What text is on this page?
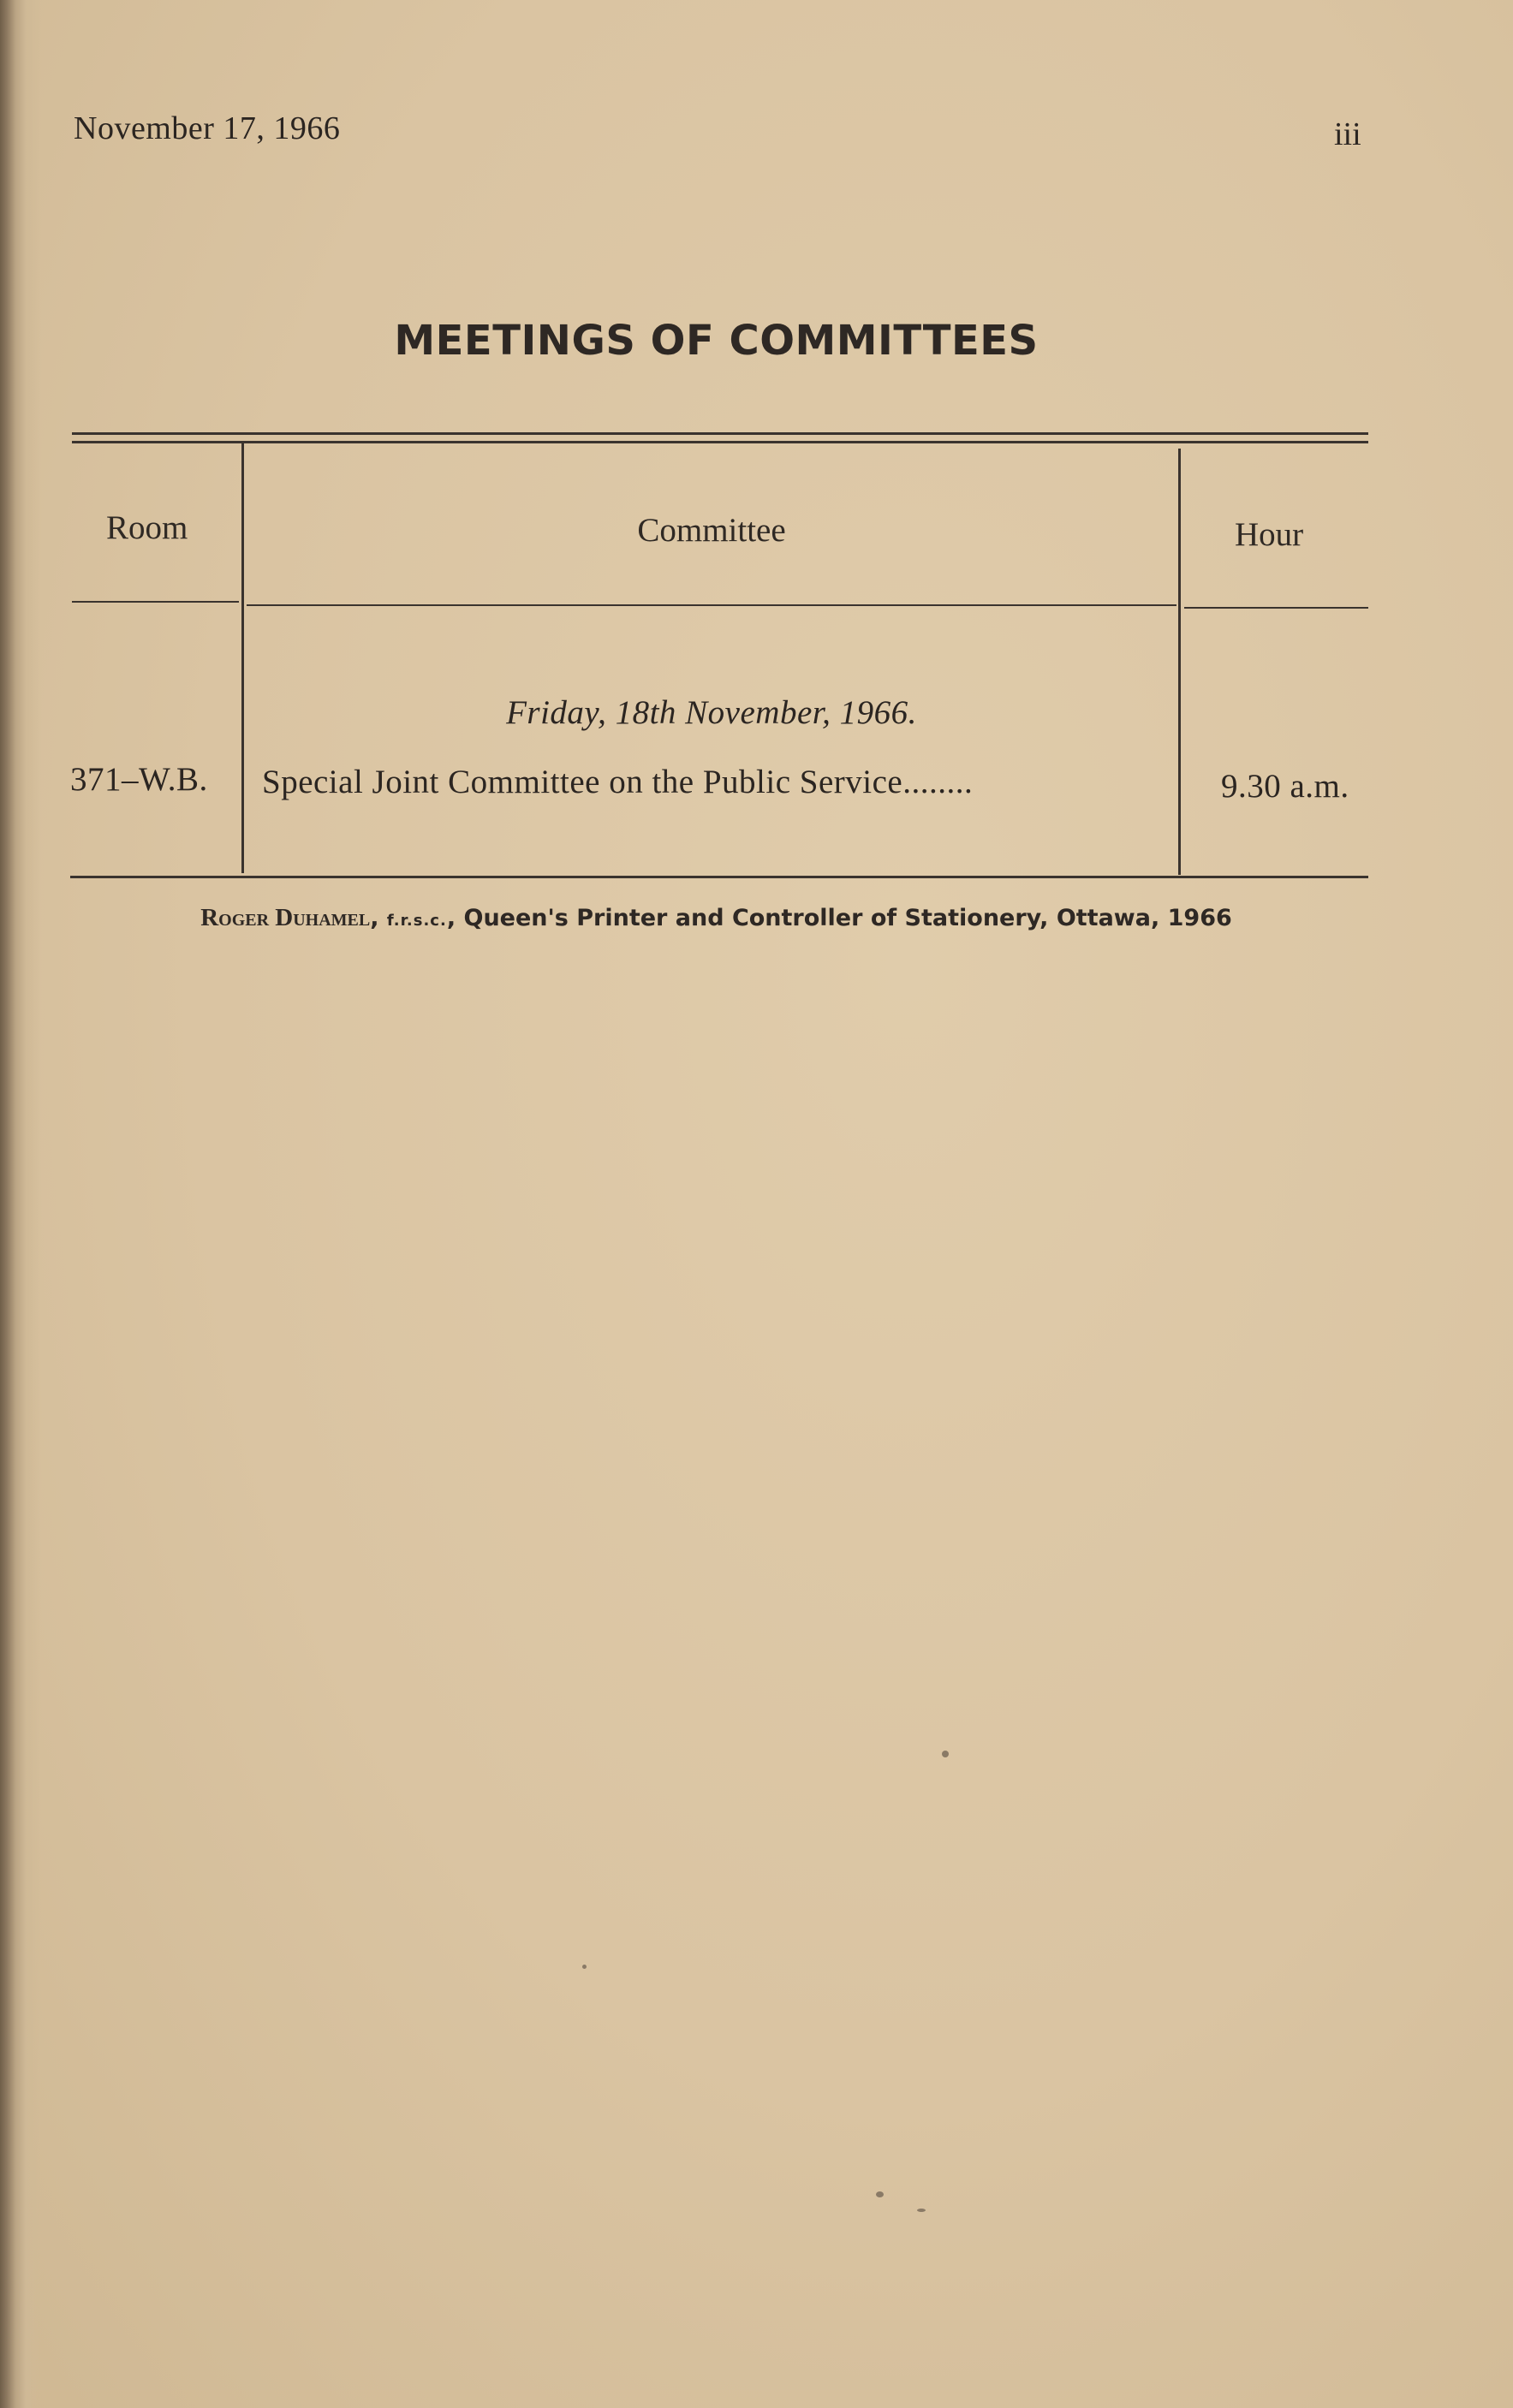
November 17, 1966	iii
MEETINGS OF COMMITTEES
Room	Committee	Hour
Friday, 18th November, 1966.
371–W.B. Special Joint Committee on the Public Service........	9.30 a.m.
Roger Duhamel, f.r.s.c., Queen's Printer and Controller of Stationery, Ottawa, 1966
